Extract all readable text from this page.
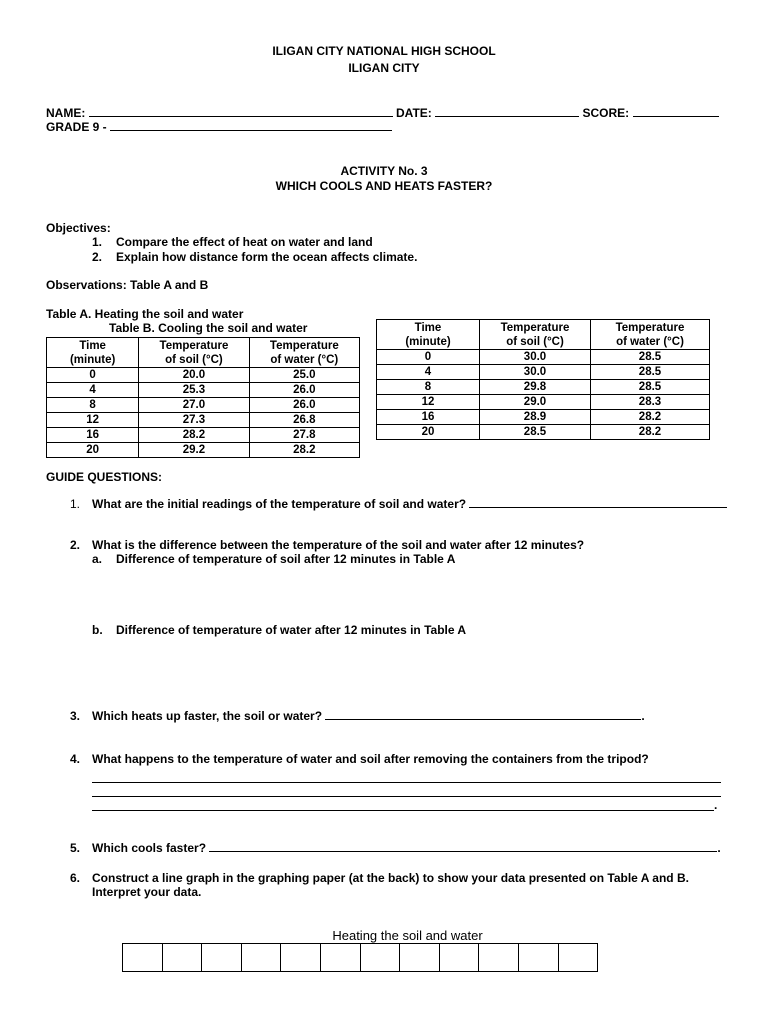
ILIGAN CITY NATIONAL HIGH SCHOOL
ILIGAN CITY
NAME:	DATE:	SCORE:
GRADE 9 -
ACTIVITY No. 3
WHICH COOLS AND HEATS FASTER?
Objectives:
1. Compare the effect of heat on water and land
2. Explain how distance form the ocean affects climate.
Observations: Table A and B
Table A. Heating the soil and water
Table B. Cooling the soil and water
Time
(minute)	Temperature
of soil (°C)	Temperature
of water (°C)
0	20.0	25.0
4	25.3	26.0
8	27.0	26.0
12	27.3	26.8
16	28.2	27.8
20	29.2	28.2
Time
(minute)	Temperature
of soil (°C)	Temperature
of water (°C)
0	30.0	28.5
4	30.0	28.5
8	29.8	28.5
12	29.0	28.3
16	28.9	28.2
20	28.5	28.2
GUIDE QUESTIONS:
1. What are the initial readings of the temperature of soil and water?
2. What is the difference between the temperature of the soil and water after 12 minutes?
a. Difference of temperature of soil after 12 minutes in Table A
b. Difference of temperature of water after 12 minutes in Table A
3. Which heats up faster, the soil or water?	.
4. What happens to the temperature of water and soil after removing the containers from the tripod?
.
5. Which cools faster?	.
6. Construct a line graph in the graphing paper (at the back) to show your data presented on Table A and B.
Interpret your data.
Heating the soil and water
